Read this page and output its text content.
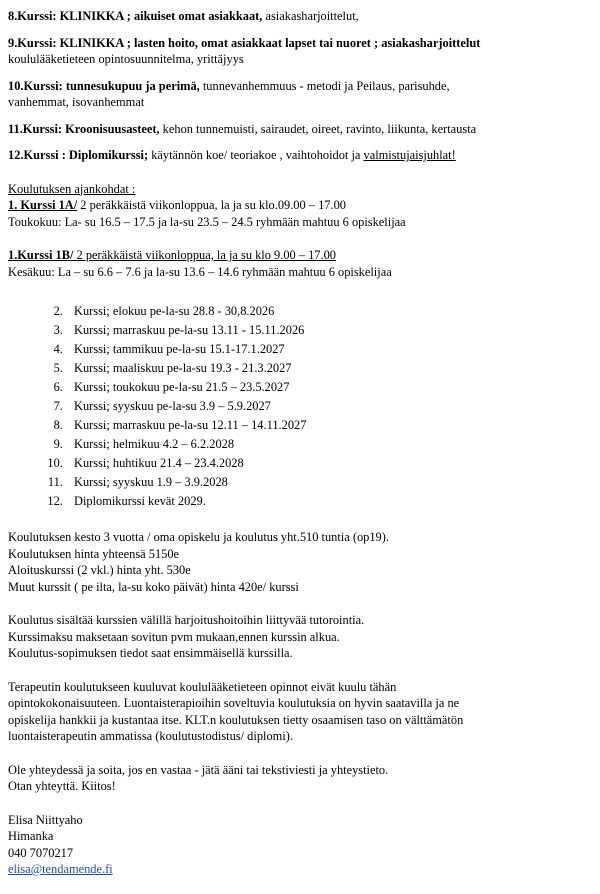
8.Kurssi: KLINIKKA ; aikuiset omat asiakkaat, asiakasharjoittelut,
9.Kurssi: KLINIKKA ; lasten hoito, omat asiakkaat lapset tai nuoret ; asiakasharjoittelut
koululääketieteen opintosuunnitelma, yrittäjyys
10.Kurssi: tunnesukupuu ja perimä, tunnevanhemmuus - metodi ja Peilaus, parisuhde,
vanhemmat, isovanhemmat
11.Kurssi: Kroonisuusasteet, kehon tunnemuisti, sairaudet, oireet, ravinto, liikunta, kertausta
12.Kurssi : Diplomikurssi; käytännön koe/ teoriakoe , vaihtohoidot ja valmistujaisjuhlat!
Koulutuksen ajankohdat :
1. Kurssi 1A/ 2 peräkkäistä viikonloppua, la ja su klo.09.00 – 17.00
Toukokuu: La- su 16.5 – 17.5 ja la-su 23.5 – 24.5 ryhmään mahtuu 6 opiskelijaa
1.Kurssi 1B/ 2 peräkkäistä viikonloppua, la ja su klo 9.00 – 17.00
Kesäkuu: La – su 6.6 – 7.6 ja la-su 13.6 – 14.6 ryhmään mahtuu 6 opiskelijaa
2. Kurssi; elokuu pe-la-su 28.8 - 30,8.2026
3. Kurssi; marraskuu pe-la-su 13.11 - 15.11.2026
4. Kurssi; tammikuu pe-la-su 15.1-17.1.2027
5. Kurssi; maaliskuu pe-la-su 19.3 - 21.3.2027
6. Kurssi; toukokuu pe-la-su 21.5 – 23.5.2027
7. Kurssi; syyskuu pe-la-su 3.9 – 5.9.2027
8. Kurssi; marraskuu pe-la-su 12.11 – 14.11.2027
9. Kurssi; helmikuu 4.2 – 6.2.2028
10. Kurssi; huhtikuu 21.4 – 23.4.2028
11. Kurssi; syyskuu 1.9 – 3.9.2028
12. Diplomikurssi kevät 2029.
Koulutuksen kesto 3 vuotta / oma opiskelu ja koulutus yht.510 tuntia (op19).
Koulutuksen hinta yhteensä 5150e
Aloituskurssi (2 vkl.) hinta yht. 530e
Muut kurssit ( pe ilta, la-su koko päivät) hinta 420e/ kurssi
Koulutus sisältää kurssien välillä harjoitushoitoihin liittyvää tutorointia.
Kurssimaksu maksetaan sovitun pvm mukaan,ennen kurssin alkua.
Koulutus-sopimuksen tiedot saat ensimmäisellä kurssilla.
Terapeutin koulutukseen kuuluvat koululääketieteen opinnot eivät kuulu tähän
opintokokonaisuuteen. Luontaisterapioihin soveltuvia koulutuksia on hyvin saatavilla ja ne
opiskelija hankkii ja kustantaa itse. KLT.n koulutuksen tietty osaamisen taso on välttämätön
luontaisterapeutin ammatissa (koulutustodistus/ diplomi).
Ole yhteydessä ja soita, jos en vastaa - jätä ääni tai tekstiviesti ja yhteystieto.
Otan yhteyttä. Kiitos!
Elisa Niittyaho
Himanka
040 7070217
elisa@tendamende.fi
